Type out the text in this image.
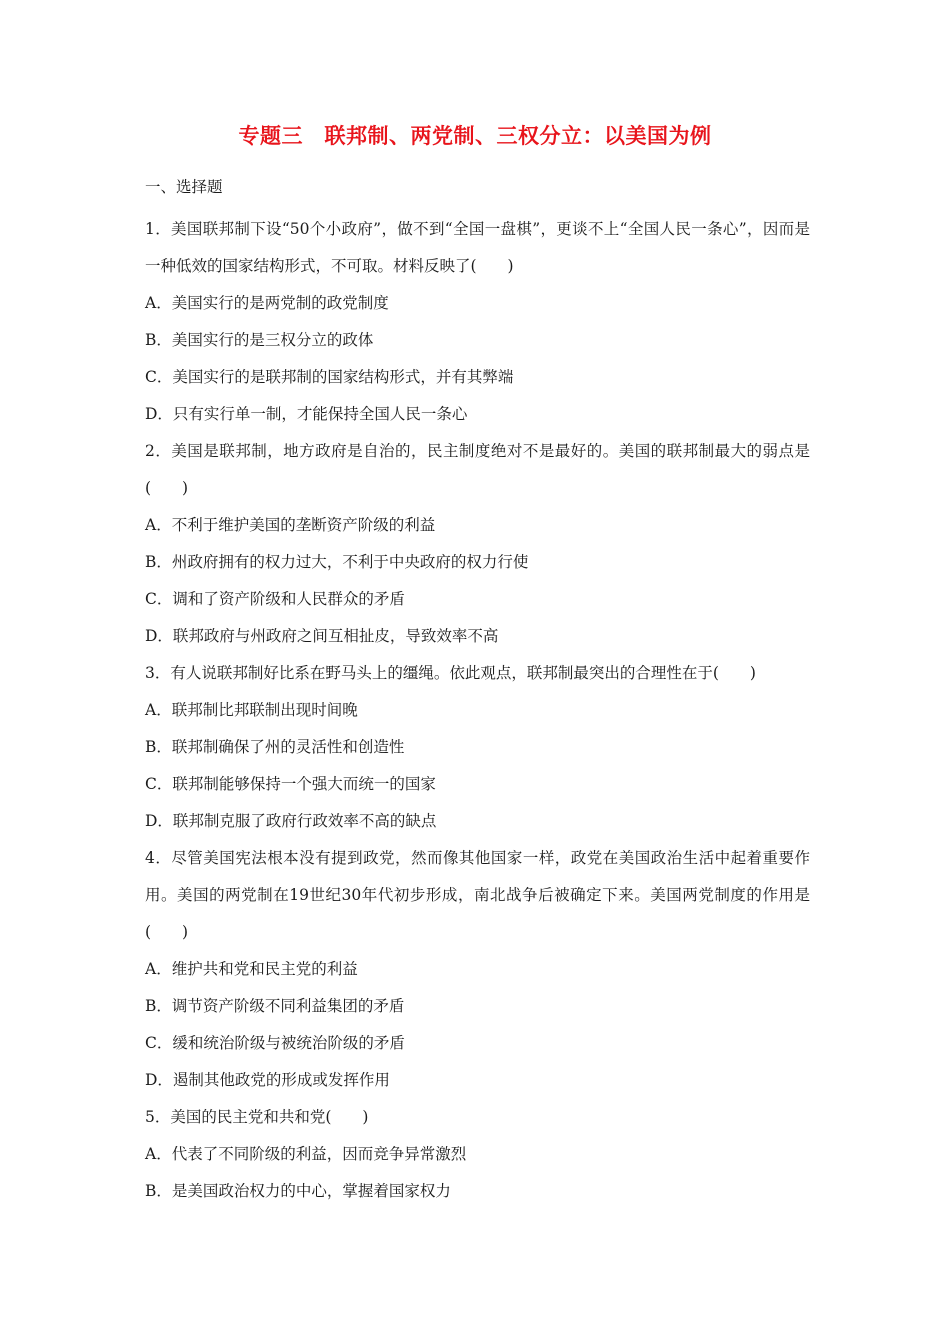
专题三　联邦制、两党制、三权分立：以美国为例
一、选择题
1．美国联邦制下设“50个小政府”，做不到“全国一盘棋”，更谈不上“全国人民一条心”，因而是一种低效的国家结构形式，不可取。材料反映了(　　)
A．美国实行的是两党制的政党制度
B．美国实行的是三权分立的政体
C．美国实行的是联邦制的国家结构形式，并有其弊端
D．只有实行单一制，才能保持全国人民一条心
2．美国是联邦制，地方政府是自治的，民主制度绝对不是最好的。美国的联邦制最大的弱点是(　　)
A．不利于维护美国的垄断资产阶级的利益
B．州政府拥有的权力过大，不利于中央政府的权力行使
C．调和了资产阶级和人民群众的矛盾
D．联邦政府与州政府之间互相扯皮，导致效率不高
3．有人说联邦制好比系在野马头上的缰绳。依此观点，联邦制最突出的合理性在于(　　)
A．联邦制比邦联制出现时间晚
B．联邦制确保了州的灵活性和创造性
C．联邦制能够保持一个强大而统一的国家
D．联邦制克服了政府行政效率不高的缺点
4．尽管美国宪法根本没有提到政党，然而像其他国家一样，政党在美国政治生活中起着重要作用。美国的两党制在19世纪30年代初步形成，南北战争后被确定下来。美国两党制度的作用是(　　)
A．维护共和党和民主党的利益
B．调节资产阶级不同利益集团的矛盾
C．缓和统治阶级与被统治阶级的矛盾
D．遏制其他政党的形成或发挥作用
5．美国的民主党和共和党(　　)
A．代表了不同阶级的利益，因而竞争异常激烈
B．是美国政治权力的中心，掌握着国家权力
